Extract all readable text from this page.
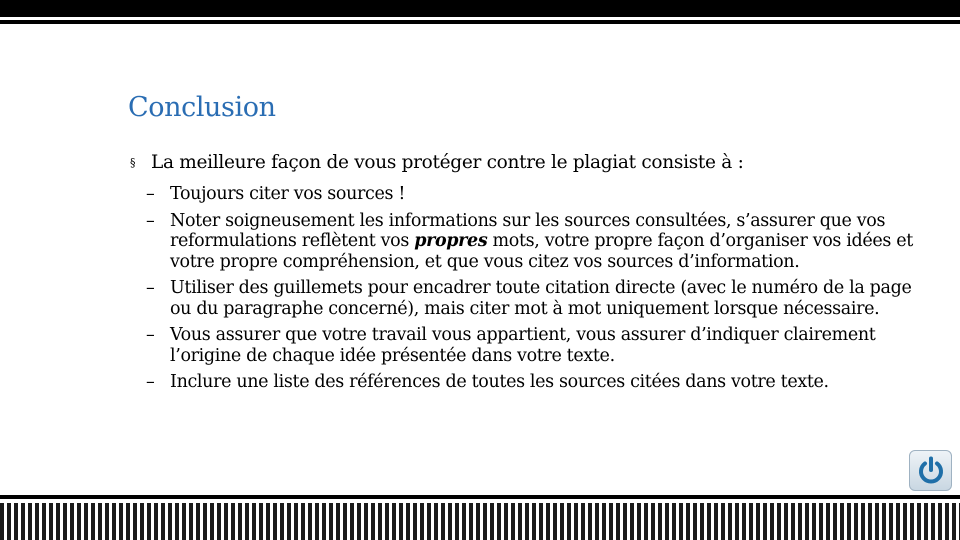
Conclusion
§ La meilleure façon de vous protéger contre le plagiat consiste à :
– Toujours citer vos sources !
– Noter soigneusement les informations sur les sources consultées, s’assurer que vos reformulations reflètent vos propres mots, votre propre façon d’organiser vos idées et votre propre compréhension, et que vous citez vos sources d’information.
– Utiliser des guillemets pour encadrer toute citation directe (avec le numéro de la page ou du paragraphe concerné), mais citer mot à mot uniquement lorsque nécessaire.
– Vous assurer que votre travail vous appartient, vous assurer d’indiquer clairement l’origine de chaque idée présentée dans votre texte.
– Inclure une liste des références de toutes les sources citées dans votre texte.
